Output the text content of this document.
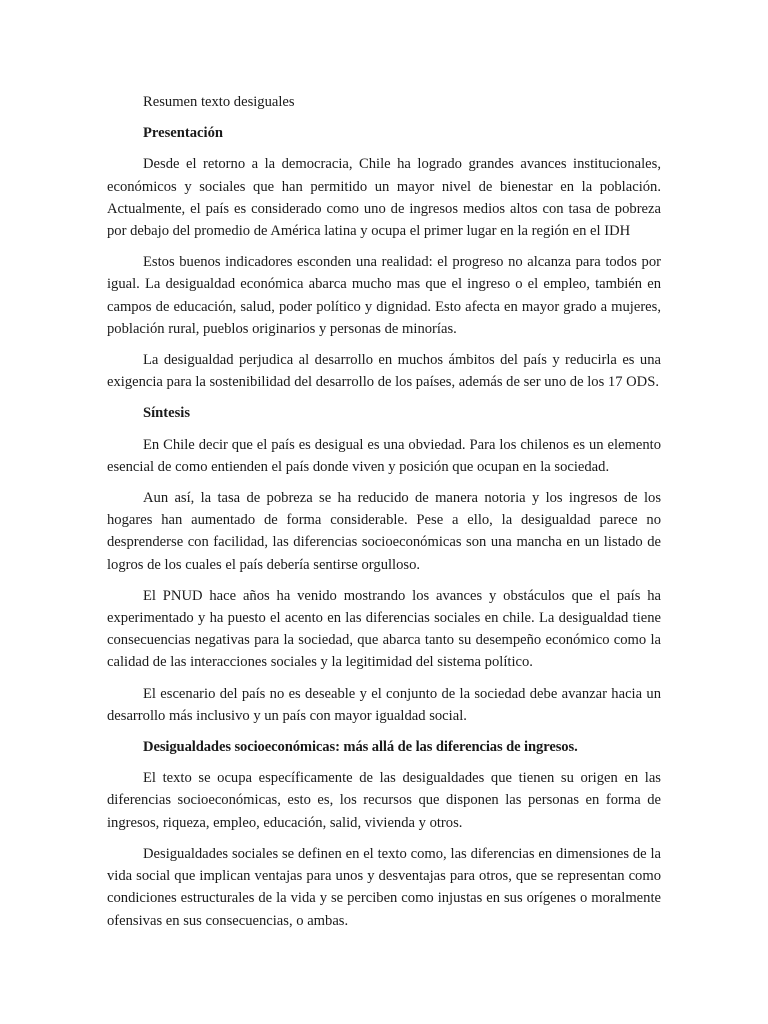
Resumen texto desiguales

Presentación

Desde el retorno a la democracia, Chile ha logrado grandes avances institucionales, económicos y sociales que han permitido un mayor nivel de bienestar en la población. Actualmente, el país es considerado como uno de ingresos medios altos con tasa de pobreza por debajo del promedio de América latina y ocupa el primer lugar en la región en el IDH

Estos buenos indicadores esconden una realidad: el progreso no alcanza para todos por igual. La desigualdad económica abarca mucho mas que el ingreso o el empleo, también en campos de educación, salud, poder político y dignidad. Esto afecta en mayor grado a mujeres, población rural, pueblos originarios y personas de minorías.

La desigualdad perjudica al desarrollo en muchos ámbitos del país y reducirla es una exigencia para la sostenibilidad del desarrollo de los países, además de ser uno de los 17 ODS.

Síntesis

En Chile decir que el país es desigual es una obviedad. Para los chilenos es un elemento esencial de como entienden el país donde viven y posición que ocupan en la sociedad.

Aun así, la tasa de pobreza se ha reducido de manera notoria y los ingresos de los hogares han aumentado de forma considerable. Pese a ello, la desigualdad parece no desprenderse con facilidad, las diferencias socioeconómicas son una mancha en un listado de logros de los cuales el país debería sentirse orgulloso.

El PNUD hace años ha venido mostrando los avances y obstáculos que el país ha experimentado y ha puesto el acento en las diferencias sociales en chile. La desigualdad tiene consecuencias negativas para la sociedad, que abarca tanto su desempeño económico como la calidad de las interacciones sociales y la legitimidad del sistema político.

El escenario del país no es deseable y el conjunto de la sociedad debe avanzar hacia un desarrollo más inclusivo y un país con mayor igualdad social.

Desigualdades socioeconómicas: más allá de las diferencias de ingresos.

El texto se ocupa específicamente de las desigualdades que tienen su origen en las diferencias socioeconómicas, esto es, los recursos que disponen las personas en forma de ingresos, riqueza, empleo, educación, salid, vivienda y otros.

Desigualdades sociales se definen en el texto como, las diferencias en dimensiones de la vida social que implican ventajas para unos y desventajas para otros, que se representan como condiciones estructurales de la vida y se perciben como injustas en sus orígenes o moralmente ofensivas en sus consecuencias, o ambas.
